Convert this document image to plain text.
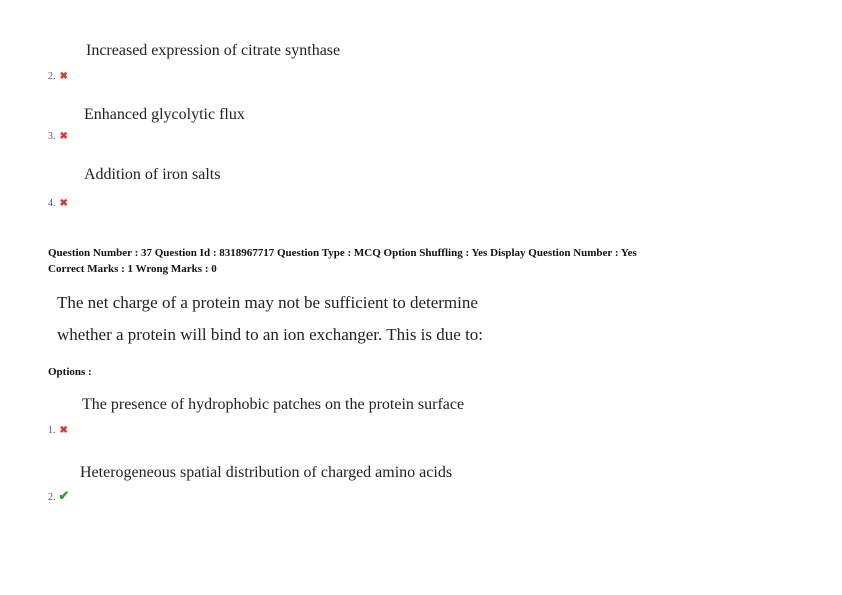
Increased expression of citrate synthase
2. ✖
Enhanced glycolytic flux
3. ✖
Addition of iron salts
4. ✖
Question Number : 37 Question Id : 8318967717 Question Type : MCQ Option Shuffling : Yes Display Question Number : Yes
Correct Marks : 1 Wrong Marks : 0
The net charge of a protein may not be sufficient to determine
whether a protein will bind to an ion exchanger. This is due to:
Options :
The presence of hydrophobic patches on the protein surface
1. ✖
Heterogeneous spatial distribution of charged amino acids
2. ✔
